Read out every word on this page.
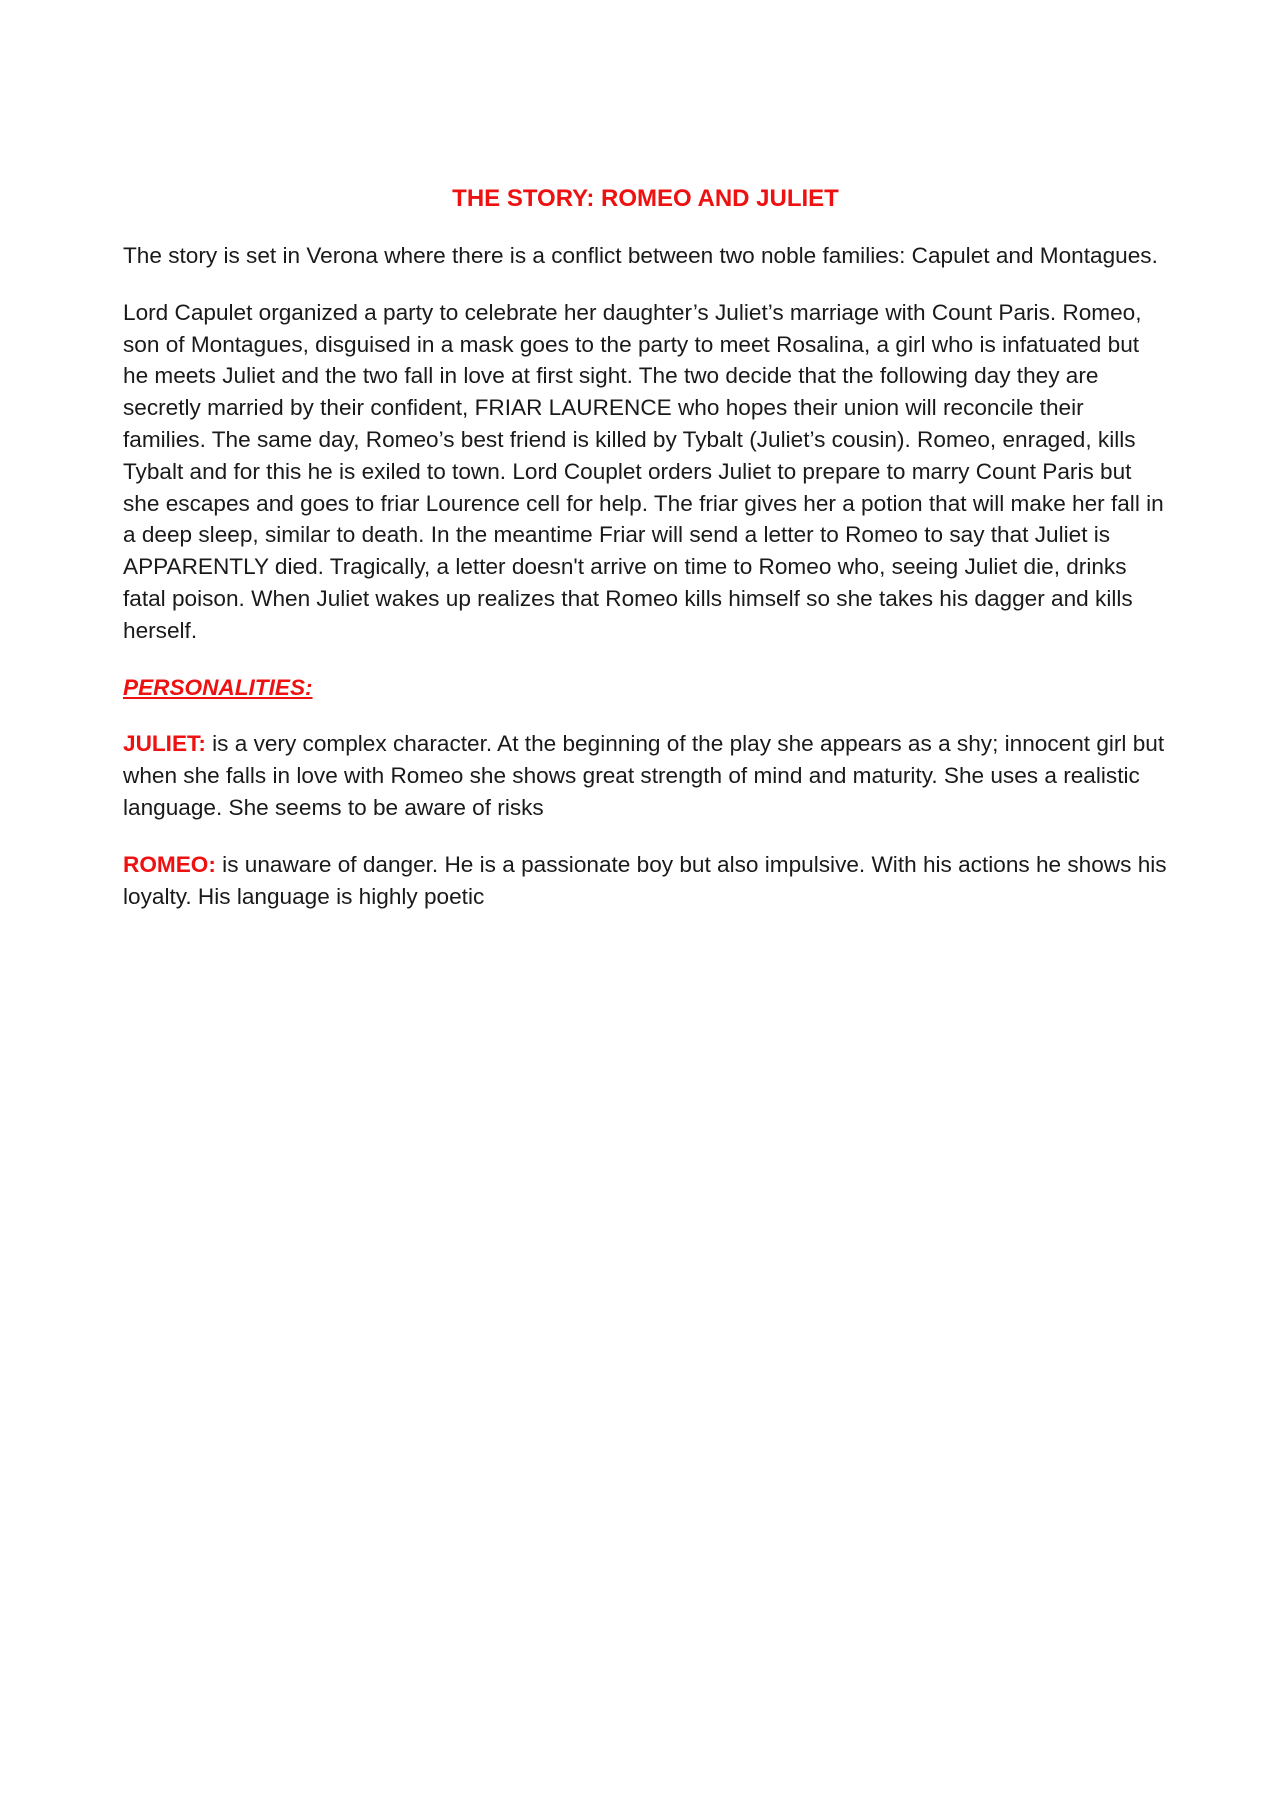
THE STORY: ROMEO AND JULIET

The story is set in Verona where there is a conflict between two noble families: Capulet and Montagues.

Lord Capulet organized a party to celebrate her daughter’s Juliet’s marriage with Count Paris. Romeo, son of Montagues, disguised in a mask goes to the party to meet Rosalina, a girl who is infatuated but he meets Juliet and the two fall in love at first sight. The two decide that the following day they are secretly married by their confident, FRIAR LAURENCE who hopes their union will reconcile their families. The same day, Romeo’s best friend is killed by Tybalt (Juliet’s cousin). Romeo, enraged, kills Tybalt and for this he is exiled to town. Lord Couplet orders Juliet to prepare to marry Count Paris but she escapes and goes to friar Lourence cell for help. The friar gives her a potion that will make her fall in a deep sleep, similar to death. In the meantime Friar will send a letter to Romeo to say that Juliet is APPARENTLY died. Tragically, a letter doesn't arrive on time to Romeo who, seeing Juliet die, drinks fatal poison. When Juliet wakes up realizes that Romeo kills himself so she takes his dagger and kills herself.

PERSONALITIES:

JULIET: is a very complex character. At the beginning of the play she appears as a shy; innocent girl but when she falls in love with Romeo she shows great strength of mind and maturity. She uses a realistic language. She seems to be aware of risks

ROMEO: is unaware of danger. He is a passionate boy but also impulsive. With his actions he shows his loyalty. His language is highly poetic
